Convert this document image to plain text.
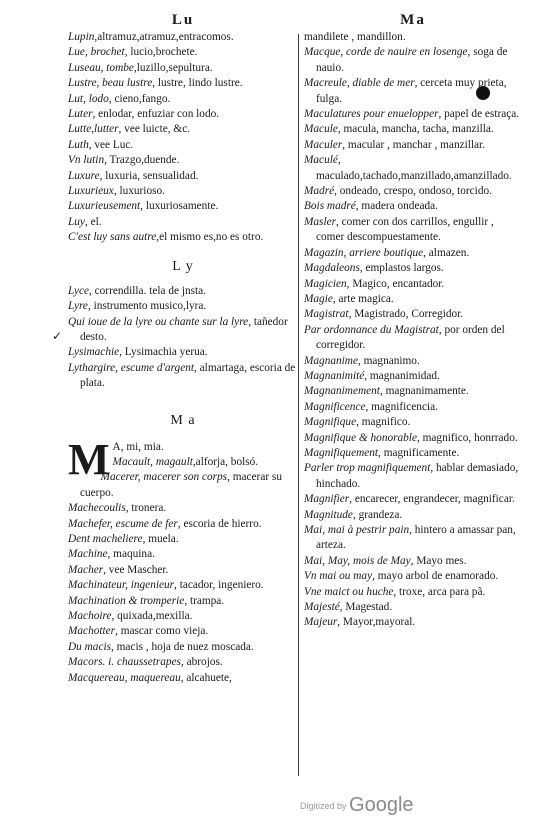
✓
Lu

Lupin,altramuz,atramuz,entracomos.

Lue, brochet, lucio,brochete.

Luseau, tombe,luzillo,sepultura.

Lustre, beau lustre, lustre, lindo lustre.

Lut, lodo, cieno,fango.

Luter, enlodar, enfuziar con lodo.

Lutte,lutter, vee luicte, &c.

Luth, vee Luc.

Vn lutin, Trazgo,duende.

Luxure, luxuria, sensualidad.

Luxurieux, luxurioso.

Luxurieusement, luxuriosamente.

Luy, el.

C'est luy sans autre,el mismo es,no es otro.

L y

Lyce, correndilla. tela de jnsta.

Lyre, instrumento musico,lyra.

Qui ioue de la lyre ou chante sur la lyre, tañedor desto.

Lysimachie, Lysimachia yerua.

Lythargire, escume d'argent, almartaga, escoria de plata.

M a
M A, mi, mia.

Macault, magault,alforja, bolsó.

Macerer, macerer son corps, macerar su cuerpo.

Machecoulis, tronera.

Machefer, escume de fer, escoria de hierro.

Dent macheliere, muela.

Machine, maquina.

Macher, vee Mascher.

Machinateur, ingenieur, tacador, ingeniero.

Machination & tromperie, trampa.

Machoire, quixada,mexilla.

Machotter, mascar como vieja.

Du macis, macis , hoja de nuez moscada.

Macors. i. chaussetrapes, abrojos.

Macquereau, maquereau, alcahuete,

Ma

mandilete , mandillon.

Macque, corde de nauire en losenge, soga de nauio.

Macreule, diable de mer, cerceta muy prieta, fulga.

Maculatures pour enuelopper, papel de estraça.

Macule, macula, mancha, tacha, manzilla.

Maculer, macular , manchar , manzillar.

Maculé, maculado,tachado,manzillado,amanzillado.

Madré, ondeado, crespo, ondoso, torcido.

Bois madré, madera ondeada.

Masler, comer con dos carrillos, engullir , comer descompuestamente.

Magazin, arriere boutique, almazen.

Magdaleons, emplastos largos.

Magicien, Magico, encantador.

Magie, arte magica.

Magistrat, Magistrado, Corregidor.

Par ordonnance du Magistrat, por orden del corregidor.

Magnanime, magnanimo.

Magnanimité, magnanimidad.

Magnanimement, magnanimamente.

Magnificence, magnificencia.

Magnifique, magnifico.

Magnifique & honorable, magnifico, honrrado.

Magnifiquement, magnificamente.

Parler trop magnifiquement, hablar demasiado, hinchado.

Magnifier, encarecer, engrandecer, magnificar.

Magnitude, grandeza.

Mai, mai à pestrir pain, hintero a amassar pan, arteza.

Mai, May, mois de May, Mayo mes.

Vn mai ou may, mayo arbol de enamorado.

Vne maict ou huche, troxe, arca para pã.

Majesté, Magestad.

Majeur, Mayor,mayoral.

Digitized by Google
